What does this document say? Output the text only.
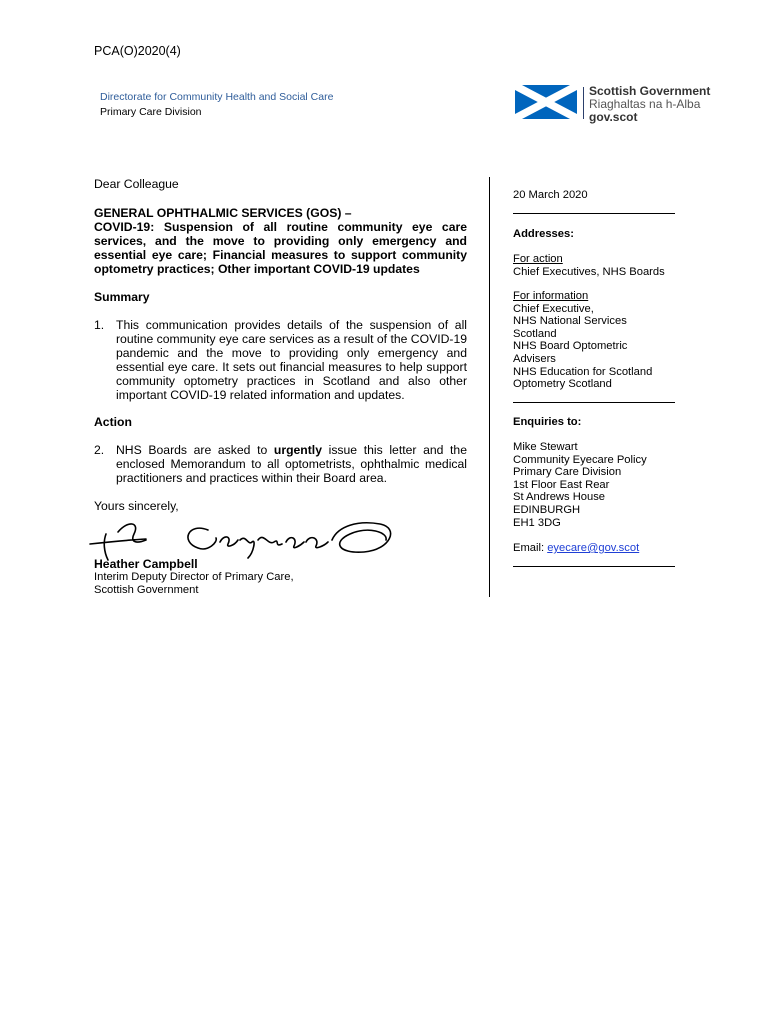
PCA(O)2020(4)
Directorate for Community Health and Social Care
Primary Care Division
Scottish Government
Riaghaltas na h-Alba
gov.scot
Dear Colleague
GENERAL OPHTHALMIC SERVICES (GOS) –
COVID-19: Suspension of all routine community eye care services, and the move to providing only emergency and essential eye care; Financial measures to support community optometry practices; Other important COVID-19 updates
Summary
1. This communication provides details of the suspension of all routine community eye care services as a result of the COVID-19 pandemic and the move to providing only emergency and essential eye care. It sets out financial measures to help support community optometry practices in Scotland and also other important COVID-19 related information and updates.
Action
2. NHS Boards are asked to urgently issue this letter and the enclosed Memorandum to all optometrists, ophthalmic medical practitioners and practices within their Board area.
Yours sincerely,
Heather Campbell
Interim Deputy Director of Primary Care,
Scottish Government
20 March 2020
Addresses:
For action
Chief Executives, NHS Boards
For information
Chief Executive,
NHS National Services
Scotland
NHS Board Optometric
Advisers
NHS Education for Scotland
Optometry Scotland
Enquiries to:
Mike Stewart
Community Eyecare Policy
Primary Care Division
1st Floor East Rear
St Andrews House
EDINBURGH
EH1 3DG
Email: eyecare@gov.scot
